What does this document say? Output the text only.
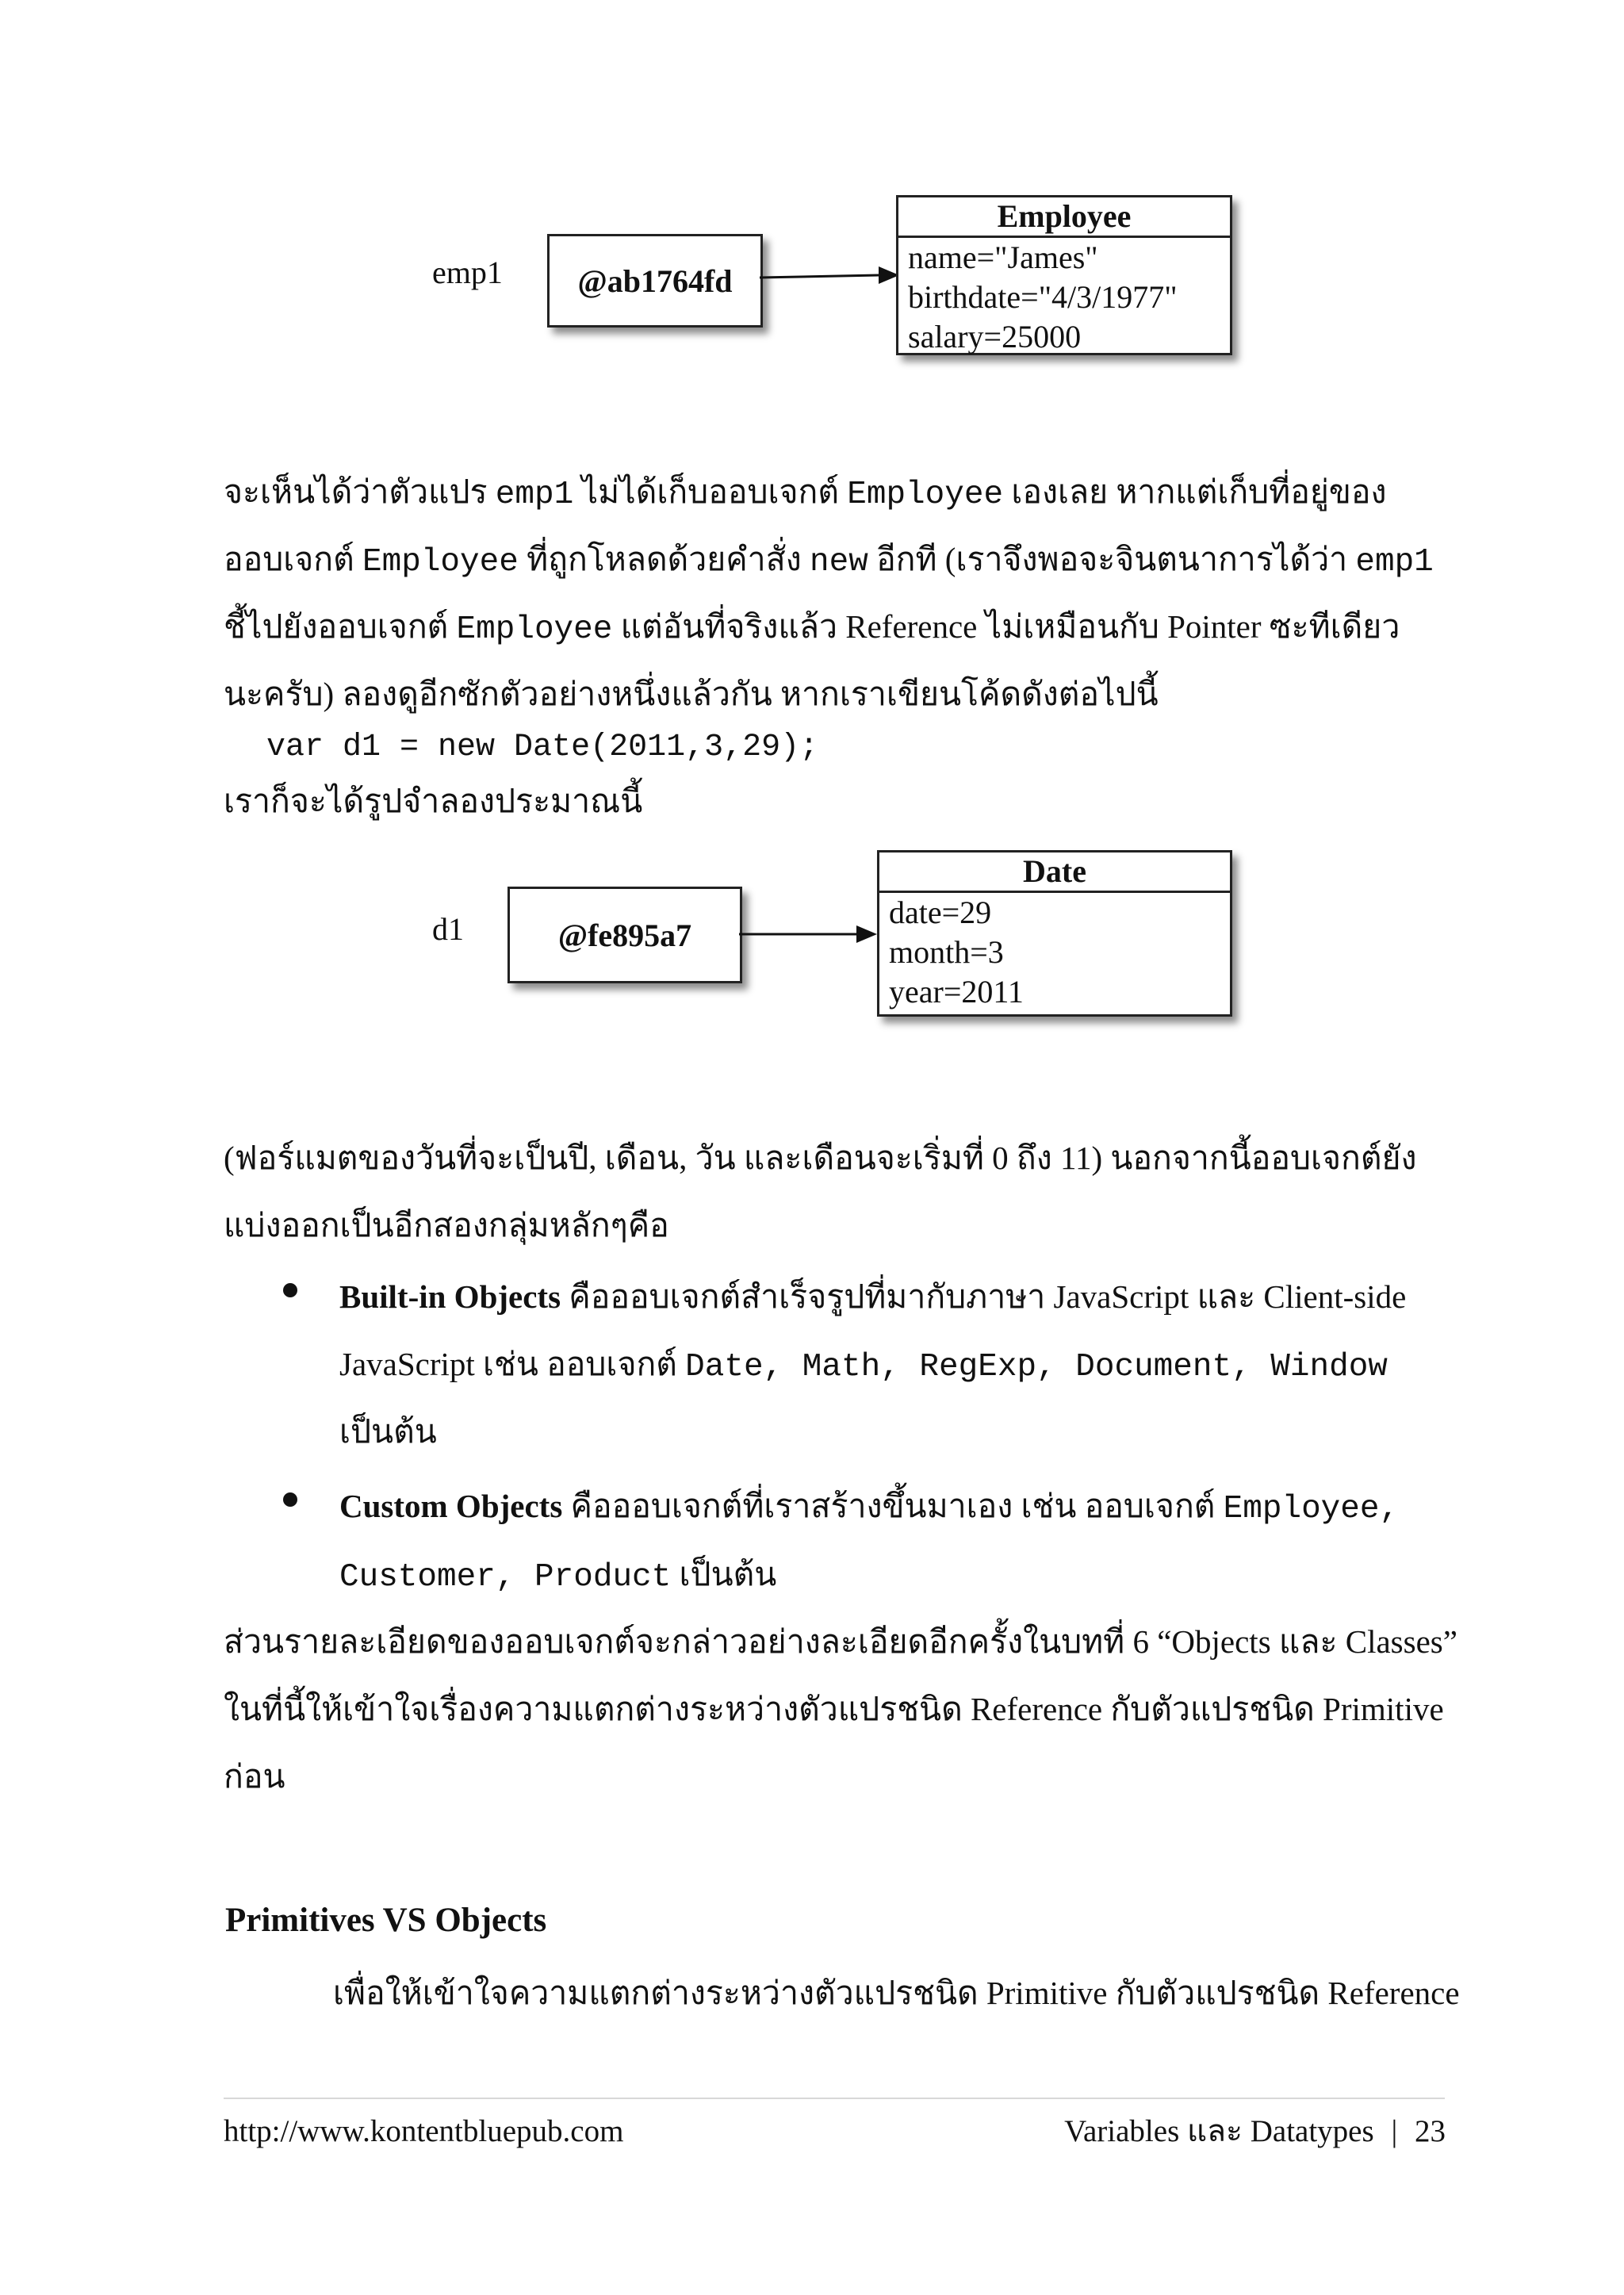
emp1 @ab1764fd
Employee
name="James"
birthdate="4/3/1977"
salary=25000
จะเห็นได้ว่าตัวแปร emp1 ไม่ได้เก็บออบเจกต์ Employee เองเลย หากแต่เก็บที่อยู่ของ
ออบเจกต์ Employee ที่ถูกโหลดด้วยคำสั่ง new อีกที (เราจึงพอจะจินตนาการได้ว่า emp1
ชี้ไปยังออบเจกต์ Employee แต่อันที่จริงแล้ว Reference ไม่เหมือนกับ Pointer ซะทีเดียว
นะครับ) ลองดูอีกซักตัวอย่างหนึ่งแล้วกัน หากเราเขียนโค้ดดังต่อไปนี้
var d1 = new Date(2011,3,29);
เราก็จะได้รูปจำลองประมาณนี้
d1	@fe895a7
Date
date=29
month=3
year=2011
(ฟอร์แมตของวันที่จะเป็นปี, เดือน, วัน และเดือนจะเริ่มที่ 0 ถึง 11) นอกจากนี้ออบเจกต์ยัง
แบ่งออกเป็นอีกสองกลุ่มหลักๆคือ
Built-in Objects คือออบเจกต์สำเร็จรูปที่มากับภาษา JavaScript และ Client-side
JavaScript เช่น ออบเจกต์ Date, Math, RegExp, Document, Window
เป็นต้น
Custom Objects คือออบเจกต์ที่เราสร้างขึ้นมาเอง เช่น ออบเจกต์ Employee,
Customer, Product เป็นต้น
ส่วนรายละเอียดของออบเจกต์จะกล่าวอย่างละเอียดอีกครั้งในบทที่ 6 “Objects และ Classes”
ในที่นี้ให้เข้าใจเรื่องความแตกต่างระหว่างตัวแปรชนิด Reference กับตัวแปรชนิด Primitive
ก่อน
Primitives VS Objects
เพื่อให้เข้าใจความแตกต่างระหว่างตัวแปรชนิด Primitive กับตัวแปรชนิด Reference
http://www.kontentbluepub.com	Variables และ Datatypes | 23
